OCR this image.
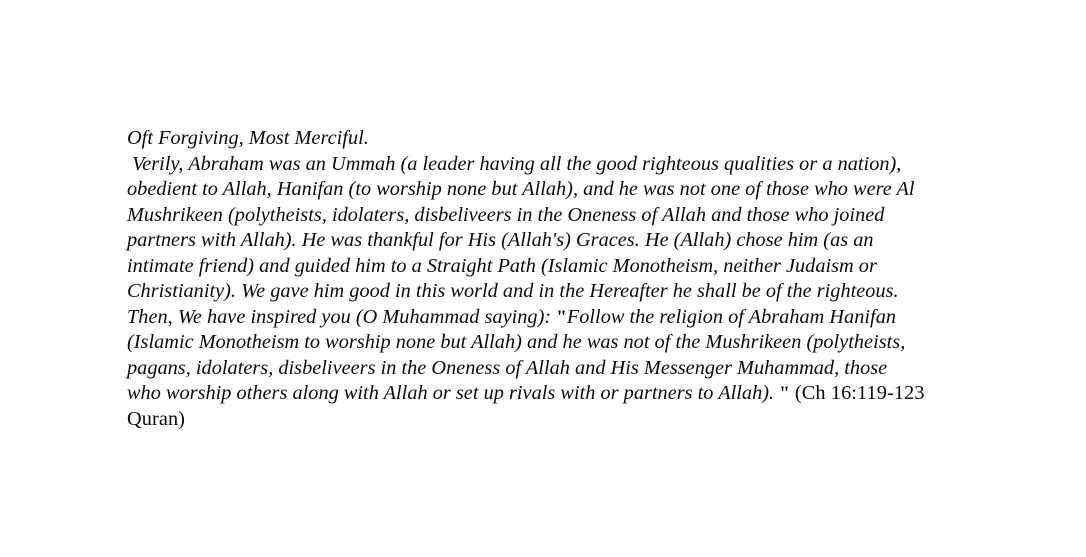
Oft Forgiving, Most Merciful.
Verily, Abraham was an Ummah (a leader having all the good righteous qualities or a nation),
obedient to Allah, Hanifan (to worship none but Allah), and he was not one of those who were Al
Mushrikeen (polytheists, idolaters, disbeliveers in the Oneness of Allah and those who joined
partners with Allah). He was thankful for His (Allah's) Graces. He (Allah) chose him (as an
intimate friend) and guided him to a Straight Path (Islamic Monotheism, neither Judaism or
Christianity). We gave him good in this world and in the Hereafter he shall be of the righteous.
Then, We have inspired you (O Muhammad saying): "Follow the religion of Abraham Hanifan
(Islamic Monotheism to worship none but Allah) and he was not of the Mushrikeen (polytheists,
pagans, idolaters, disbeliveers in the Oneness of Allah and His Messenger Muhammad, those
who worship others along with Allah or set up rivals with or partners to Allah). " (Ch 16:119-123
Quran)
